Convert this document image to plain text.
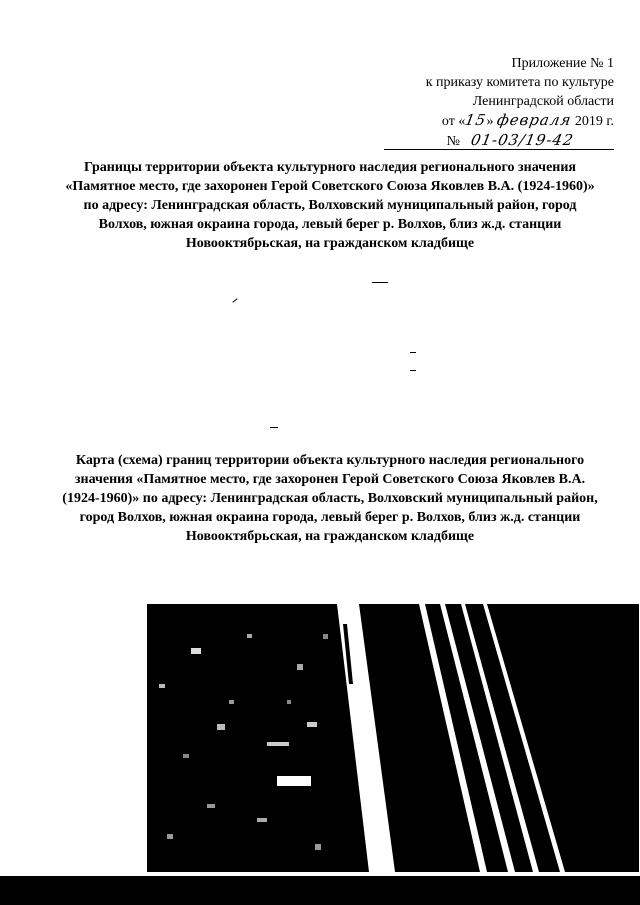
Приложение № 1
к приказу комитета по культуре
Ленинградской области
от «15» февраля 2019 г.
№ 01-03/19-42
Границы территории объекта культурного наследия регионального значения «Памятное место, где захоронен Герой Советского Союза Яковлев В.А. (1924-1960)» по адресу: Ленинградская область, Волховский муниципальный район, город Волхов, южная окраина города, левый берег р. Волхов, близ ж.д. станции Новооктябрьская, на гражданском кладбище
Карта (схема) границ территории объекта культурного наследия регионального значения «Памятное место, где захоронен Герой Советского Союза Яковлев В.А. (1924-1960)» по адресу: Ленинградская область, Волховский муниципальный район, город Волхов, южная окраина города, левый берег р. Волхов, близ ж.д. станции Новооктябрьская, на гражданском кладбище
